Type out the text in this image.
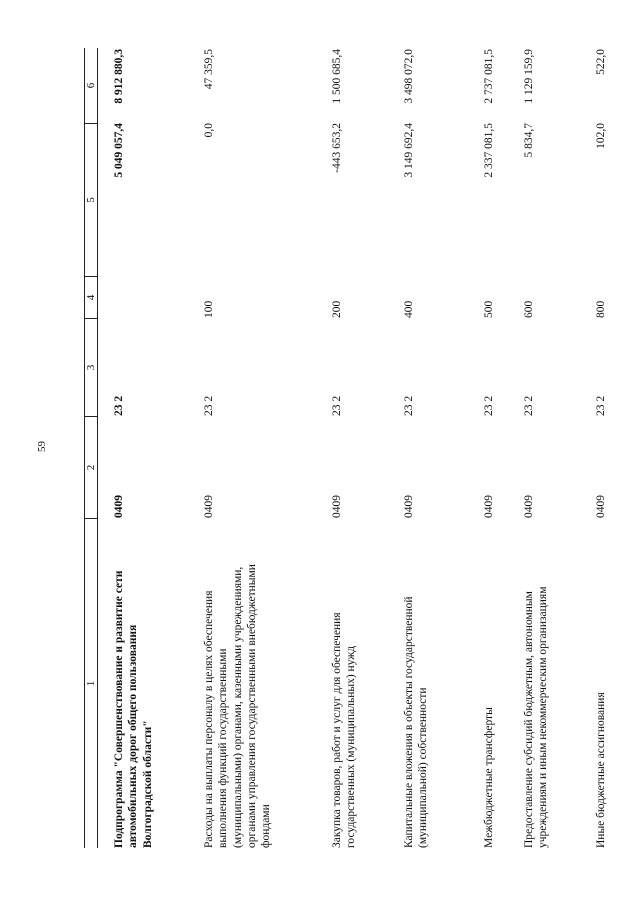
59
1
2
3
4
5
6
Подпрограмма "Совершенствование и развитие сети автомобильных дорог общего пользования Волгоградской области"
0409
23 2
5 049 057,4
8 912 880,3
Расходы на выплаты персоналу в целях обеспечения выполнения функций государственными (муниципальными) органами, казенными учреждениями, органами управления государственными внебюджетными фондами
0409
23 2
100
0,0
47 359,5
Закупка товаров, работ и услуг для обеспечения государственных (муниципальных) нужд
0409
23 2
200
-443 653,2
1 500 685,4
Капитальные вложения в объекты государственной (муниципальной) собственности
0409
23 2
400
3 149 692,4
3 498 072,0
Межбюджетные трансферты
0409
23 2
500
2 337 081,5
2 737 081,5
Предоставление субсидий бюджетным, автономным учреждениям и иным некоммерческим организациям
0409
23 2
600
5 834,7
1 129 159,9
Иные бюджетные ассигнования
0409
23 2
800
102,0
522,0
